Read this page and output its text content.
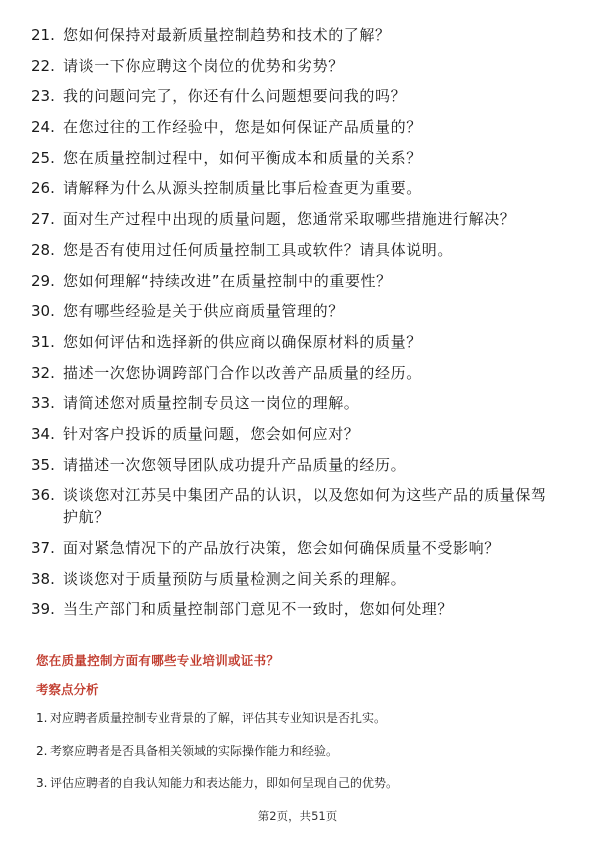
21. 您如何保持对最新质量控制趋势和技术的了解？
22. 请谈一下你应聘这个岗位的优势和劣势？
23. 我的问题问完了，你还有什么问题想要问我的吗？
24. 在您过往的工作经验中，您是如何保证产品质量的？
25. 您在质量控制过程中，如何平衡成本和质量的关系？
26. 请解释为什么从源头控制质量比事后检查更为重要。
27. 面对生产过程中出现的质量问题，您通常采取哪些措施进行解决？
28. 您是否有使用过任何质量控制工具或软件？请具体说明。
29. 您如何理解“持续改进”在质量控制中的重要性？
30. 您有哪些经验是关于供应商质量管理的？
31. 您如何评估和选择新的供应商以确保原材料的质量？
32. 描述一次您协调跨部门合作以改善产品质量的经历。
33. 请简述您对质量控制专员这一岗位的理解。
34. 针对客户投诉的质量问题，您会如何应对？
35. 请描述一次您领导团队成功提升产品质量的经历。
36. 谈谈您对江苏吴中集团产品的认识，以及您如何为这些产品的质量保驾护航？
37. 面对紧急情况下的产品放行决策，您会如何确保质量不受影响？
38. 谈谈您对于质量预防与质量检测之间关系的理解。
39. 当生产部门和质量控制部门意见不一致时，您如何处理？

您在质量控制方面有哪些专业培训或证书？

考察点分析

1. 对应聘者质量控制专业背景的了解，评估其专业知识是否扎实。
2. 考察应聘者是否具备相关领域的实际操作能力和经验。
3. 评估应聘者的自我认知能力和表达能力，即如何呈现自己的优势。
第2页，共51页
